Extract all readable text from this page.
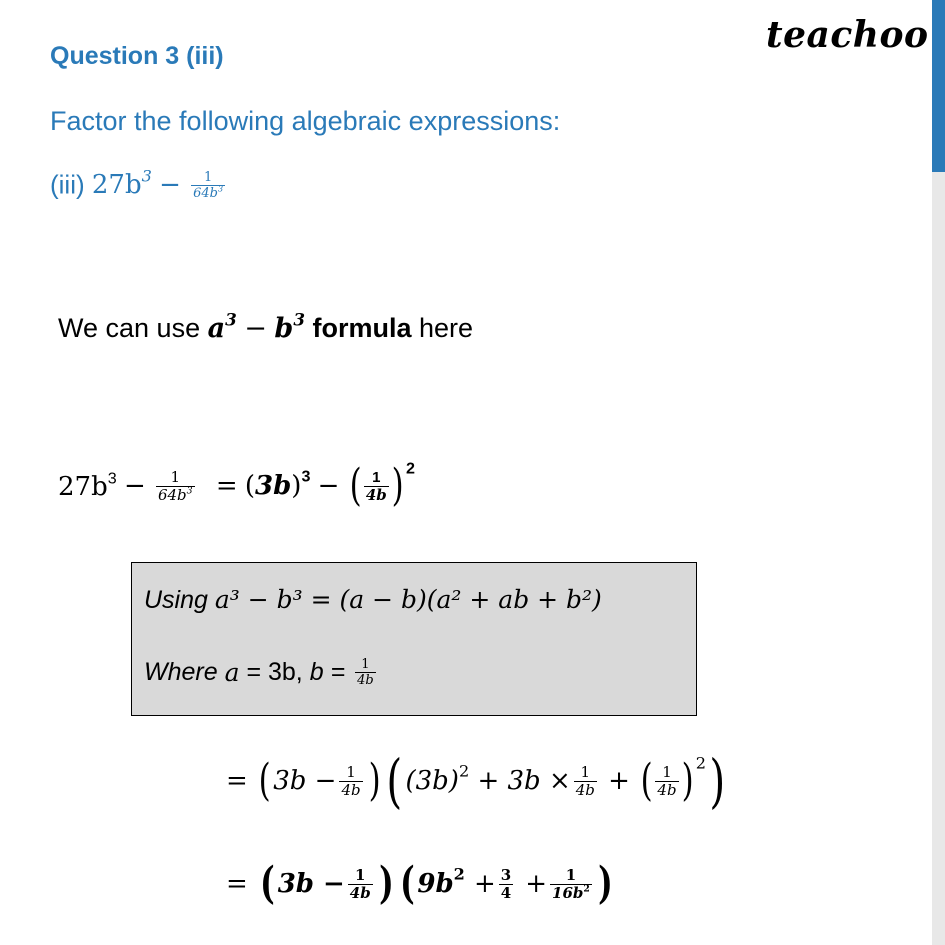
teachoo
Question 3 (iii)
Factor the following algebraic expressions:
(iii) $27b^3 - \frac{1}{64b^3}$
We can use $a^3 - b^3$ formula here
$27b^3 - \frac{1}{64b^3} = (3b)^3$ − ( $\frac{1}{4b}$ ) $^2$
Using a³ − b³ = (a − b)(a² + ab + b²)
Where a = 3b, $b = \frac{1}{4b}$
= ($3b - \frac{1}{4b}$ ) ( $(3b)^2 + 3b \times \frac{1}{4b}$ + ( $\frac{1}{4b}$ ) $^2$)
= ( $3b - \frac{1}{4b}$ ) ( $9b^2 + \frac{3}{4} + \frac{1}{16b^2}$ )
